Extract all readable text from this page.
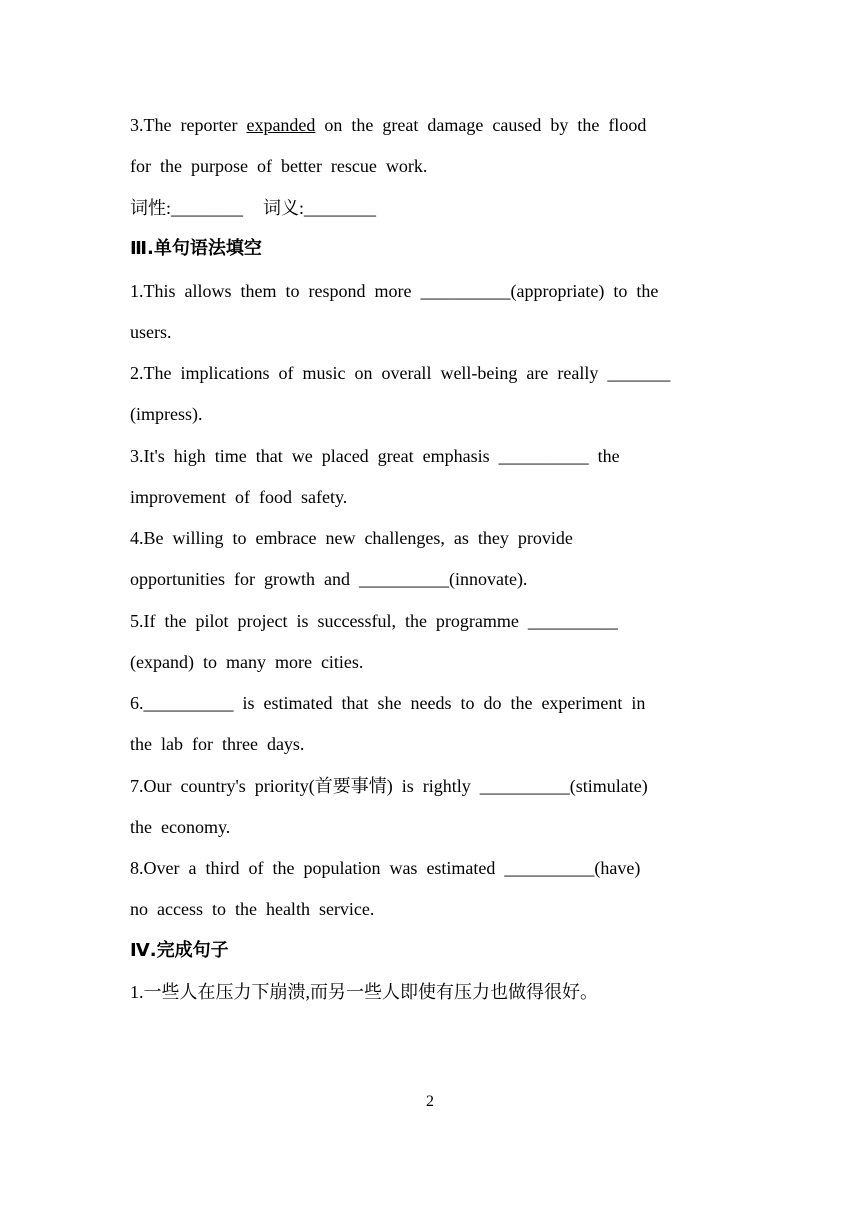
3.The  reporter  expanded  on  the  great  damage  caused  by  the  flood
for  the  purpose  of  better  rescue  work.
词性:________ 词义:________
Ⅲ.单句语法填空
1.This  allows  them  to  respond  more  __________(appropriate)  to  the
users.
2.The  implications  of  music  on  overall  well-being  are  really  _______
(impress).
3.It's  high  time  that  we  placed  great  emphasis  __________  the
improvement  of  food  safety.
4.Be  willing  to  embrace  new  challenges,  as  they  provide
opportunities  for  growth  and  __________(innovate).
5.If  the  pilot  project  is  successful,  the  programme  __________
(expand)  to  many  more  cities.
6.__________  is  estimated  that  she  needs  to  do  the  experiment  in
the  lab  for  three  days.
7.Our  country's  priority(首要事情)  is  rightly  __________(stimulate)
the  economy.
8.Over  a  third  of  the  population  was  estimated  __________(have)
no  access  to  the  health  service.
Ⅳ.完成句子
1.一些人在压力下崩溃,而另一些人即使有压力也做得很好。
2
